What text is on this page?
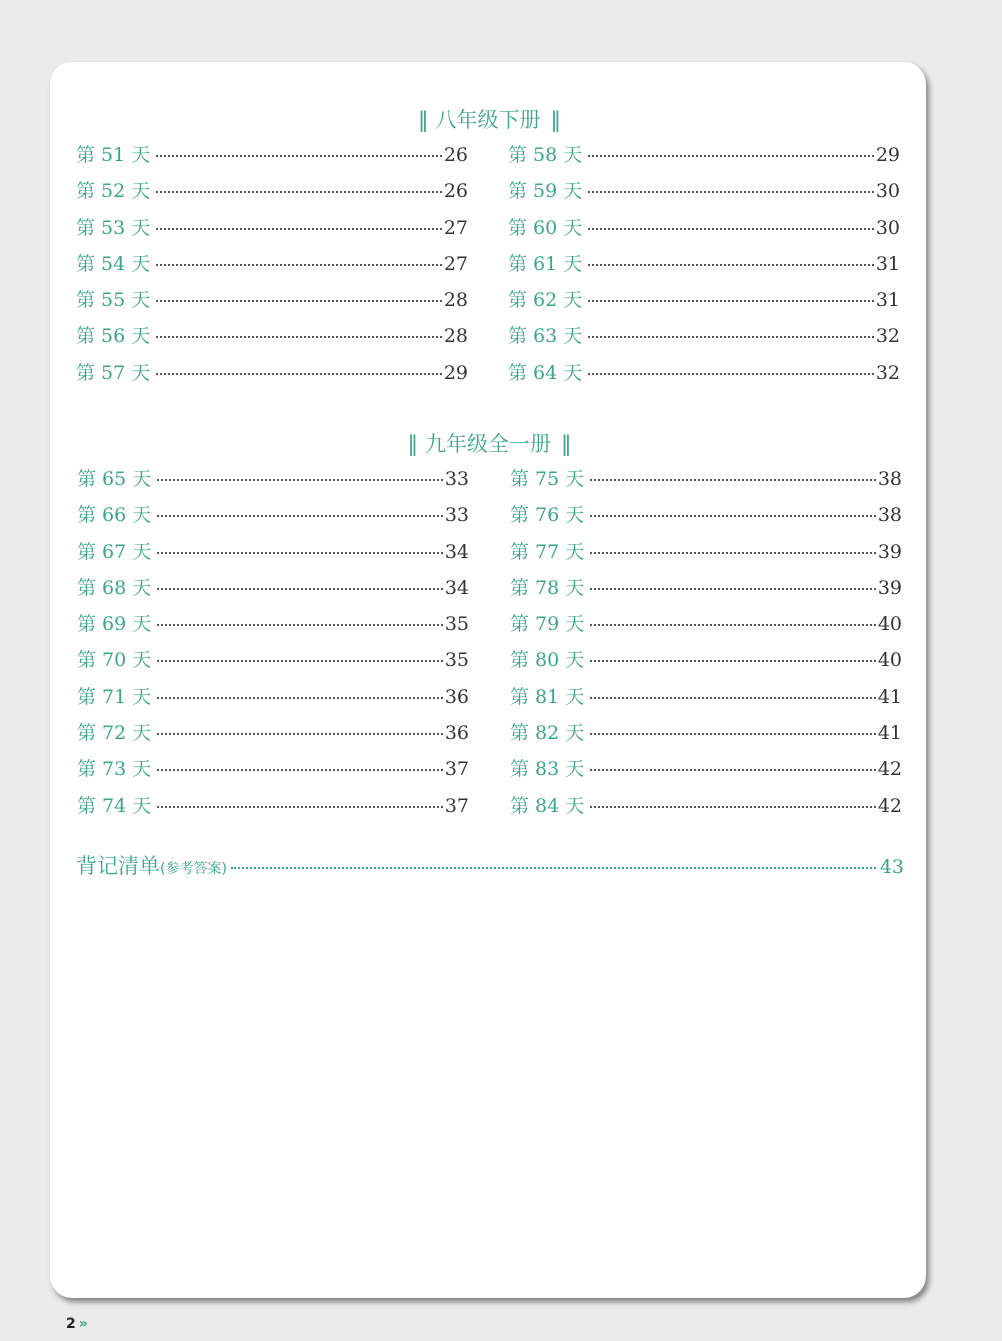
‖ 八年级下册 ‖
第 51 天	26
第 52 天	26
第 53 天	27
第 54 天	27
第 55 天	28
第 56 天	28
第 57 天	29
第 58 天	29
第 59 天	30
第 60 天	30
第 61 天	31
第 62 天	31
第 63 天	32
第 64 天	32
‖ 九年级全一册 ‖
第 65 天	33
第 66 天	33
第 67 天	34
第 68 天	34
第 69 天	35
第 70 天	35
第 71 天	36
第 72 天	36
第 73 天	37
第 74 天	37
第 75 天	38
第 76 天	38
第 77 天	39
第 78 天	39
第 79 天	40
第 80 天	40
第 81 天	41
第 82 天	41
第 83 天	42
第 84 天	42
背记清单 (参考答案)	43
2 »
